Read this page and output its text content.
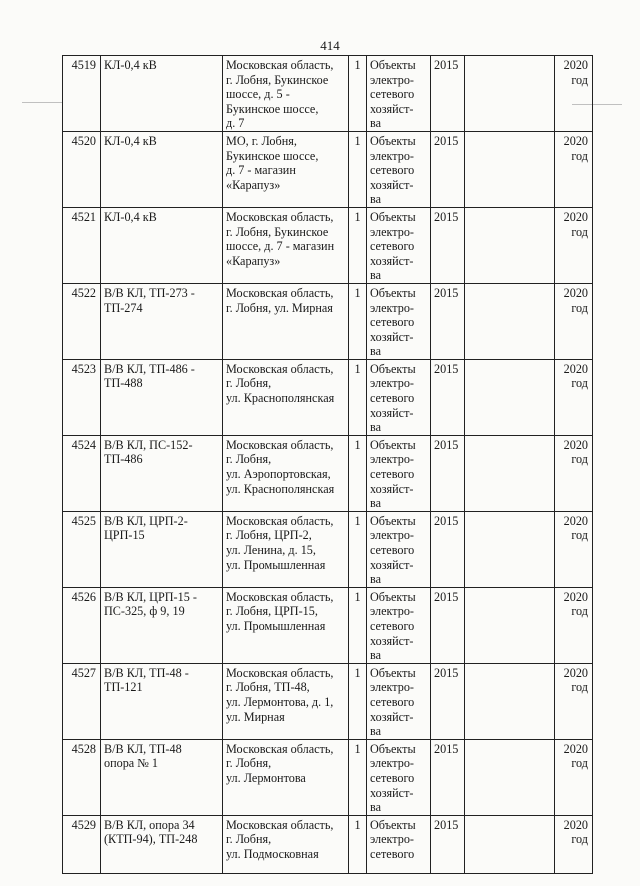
414
4519	КЛ-0,4 кВ	Московская область,
г. Лобня, Букинское
шоссе, д. 5 -
Букинское шоссе,
д. 7	1	Объекты
электро-
сетевого
хозяйст-
ва	2015		2020
год

4520	КЛ-0,4 кВ	МО, г. Лобня,
Букинское шоссе,
д. 7 - магазин
«Карапуз»	1	Объекты
электро-
сетевого
хозяйст-
ва	2015		2020
год

4521	КЛ-0,4 кВ	Московская область,
г. Лобня, Букинское
шоссе, д. 7 - магазин
«Карапуз»	1	Объекты
электро-
сетевого
хозяйст-
ва	2015		2020
год

4522	В/В КЛ, ТП-273 -
ТП-274	Московская область,
г. Лобня, ул. Мирная	1	Объекты
электро-
сетевого
хозяйст-
ва	2015		2020
год

4523	В/В КЛ, ТП-486 -
ТП-488	Московская область,
г. Лобня,
ул. Краснополянская	1	Объекты
электро-
сетевого
хозяйст-
ва	2015		2020
год

4524	В/В КЛ, ПС-152-
ТП-486	Московская область,
г. Лобня,
ул. Аэропортовская,
ул. Краснополянская	1	Объекты
электро-
сетевого
хозяйст-
ва	2015		2020
год

4525	В/В КЛ, ЦРП-2-
ЦРП-15	Московская область,
г. Лобня, ЦРП-2,
ул. Ленина, д. 15,
ул. Промышленная	1	Объекты
электро-
сетевого
хозяйст-
ва	2015		2020
год

4526	В/В КЛ, ЦРП-15 -
ПС-325, ф 9, 19	Московская область,
г. Лобня, ЦРП-15,
ул. Промышленная	1	Объекты
электро-
сетевого
хозяйст-
ва	2015		2020
год

4527	В/В КЛ, ТП-48 -
ТП-121	Московская область,
г. Лобня, ТП-48,
ул. Лермонтова, д. 1,
ул. Мирная	1	Объекты
электро-
сетевого
хозяйст-
ва	2015		2020
год

4528	В/В КЛ, ТП-48
опора № 1	Московская область,
г. Лобня,
ул. Лермонтова	1	Объекты
электро-
сетевого
хозяйст-
ва	2015		2020
год

4529	В/В КЛ, опора 34
(КТП-94), ТП-248	Московская область,
г. Лобня,
ул. Подмосковная	1	Объекты
электро-
сетевого	2015		2020
год
